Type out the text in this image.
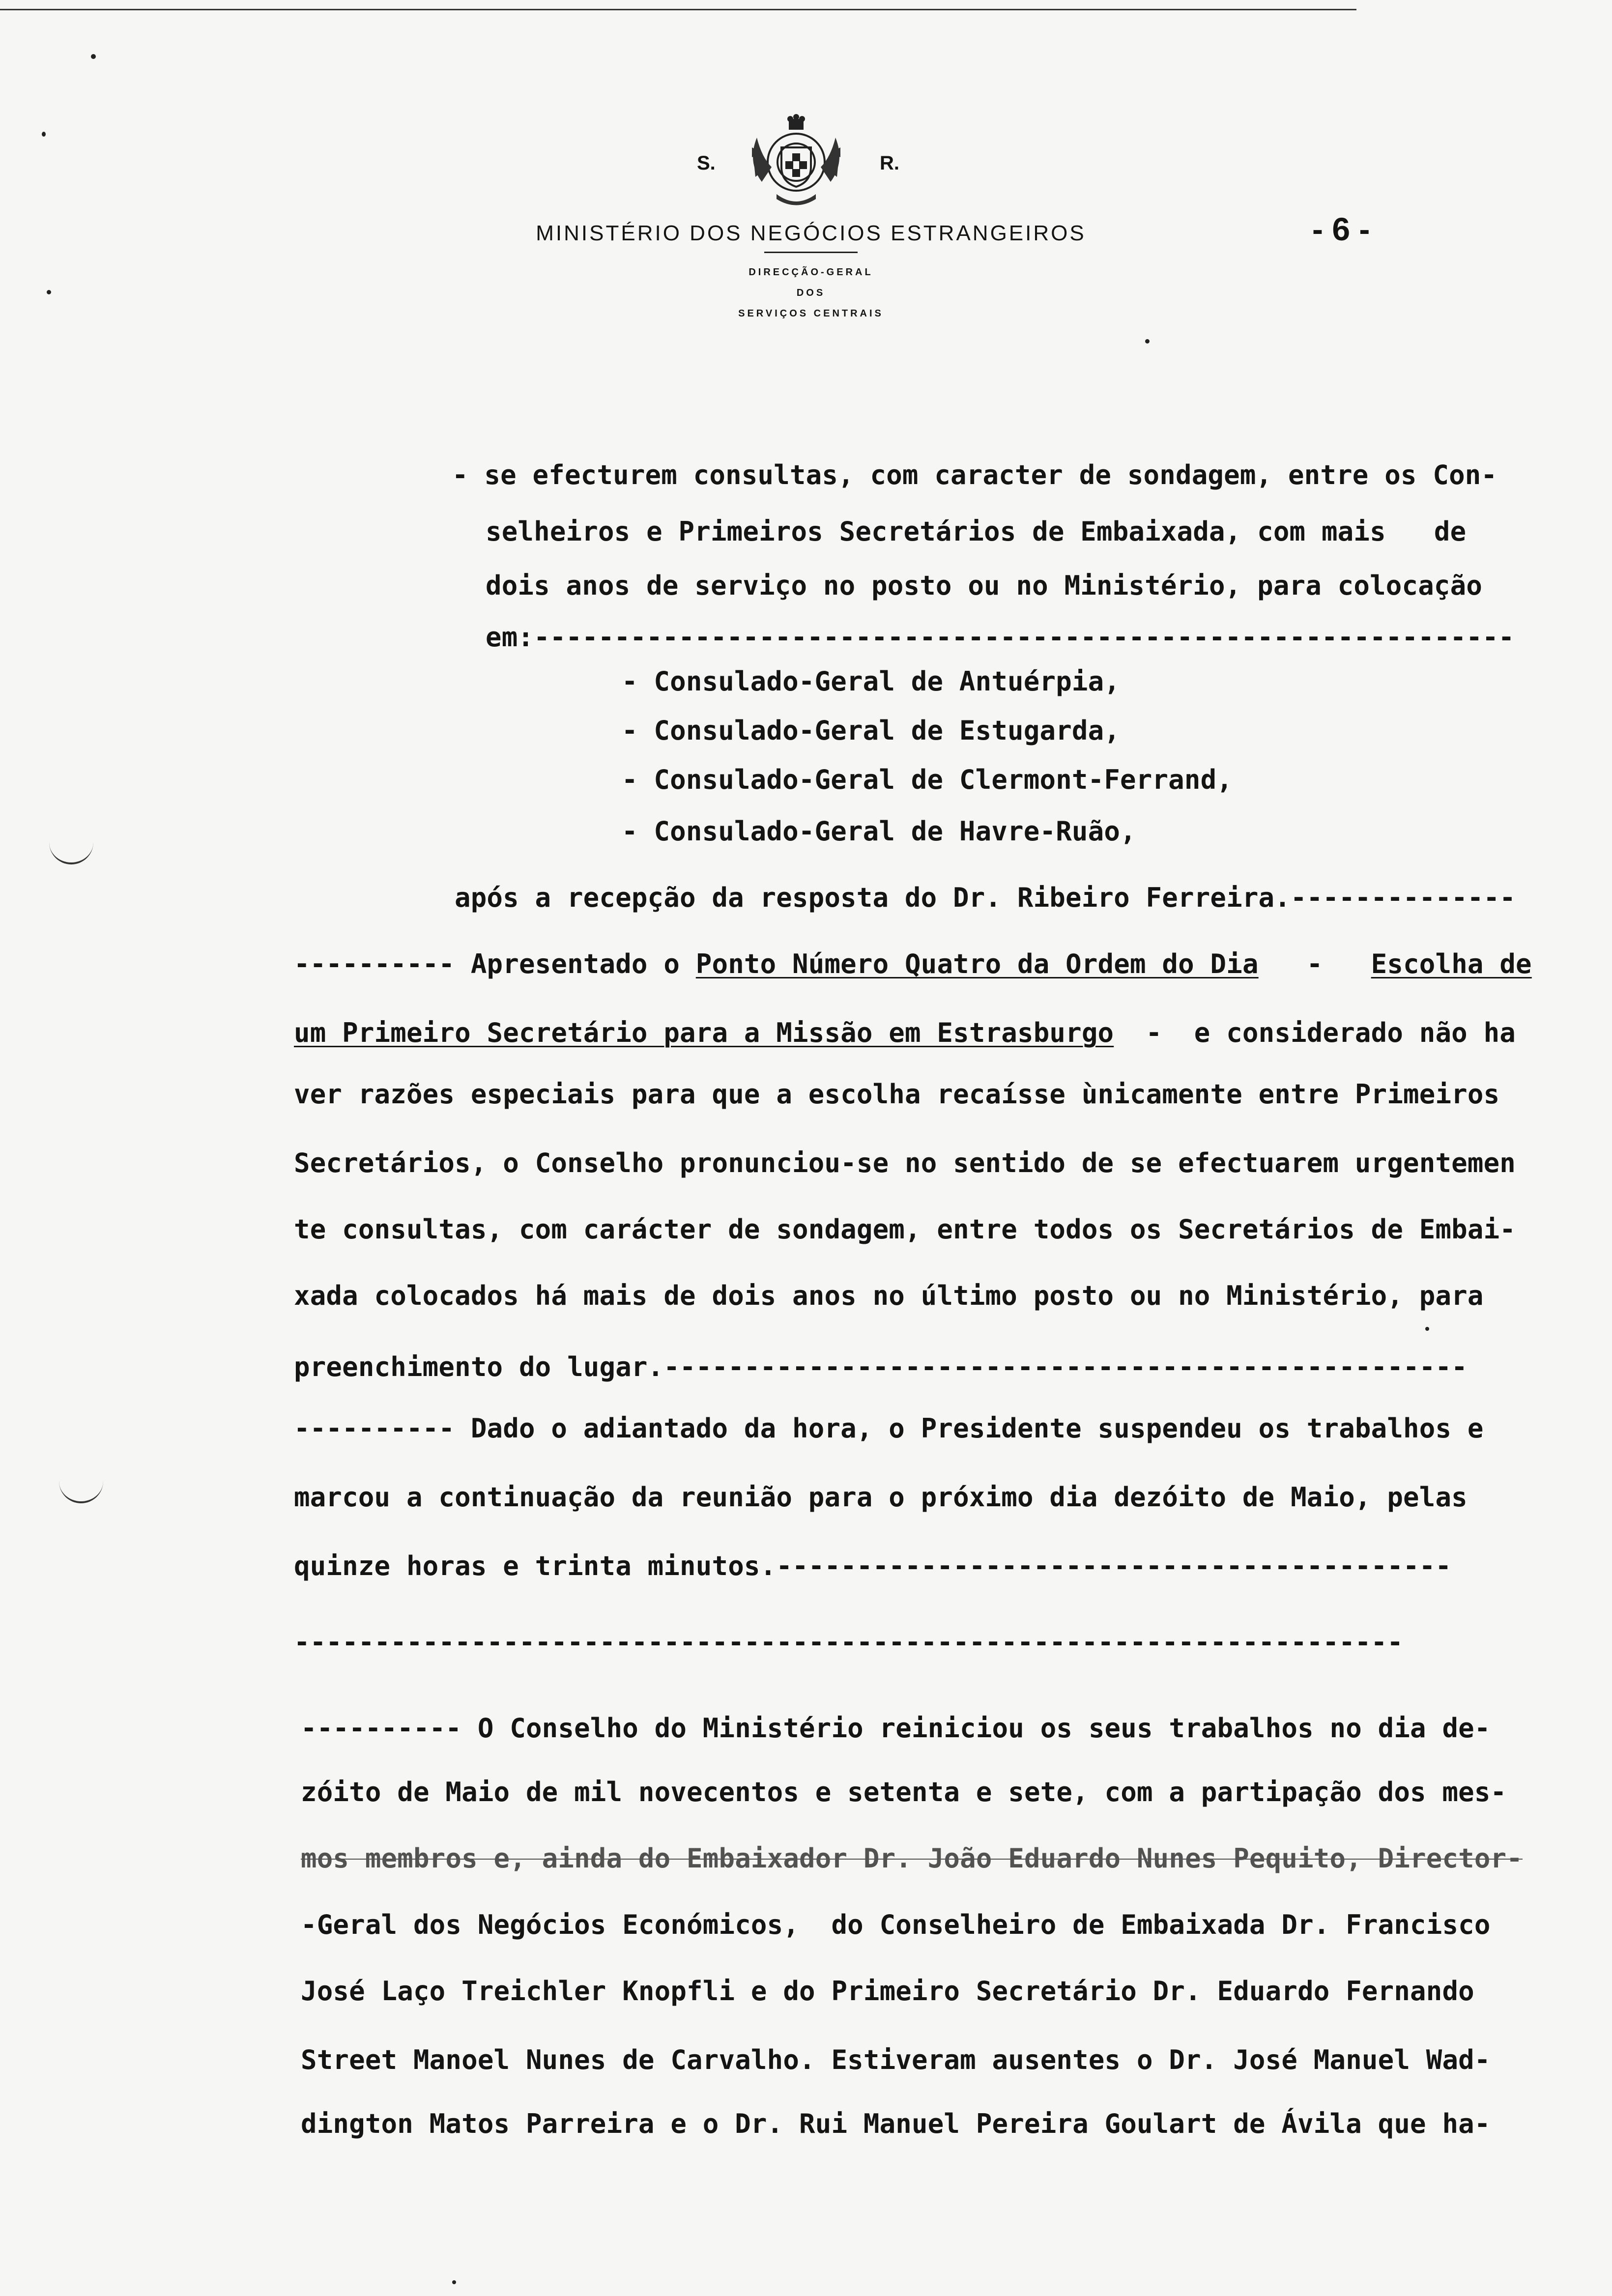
S.	R.
MINISTÉRIO DOS NEGÓCIOS ESTRANGEIROS
DIRECÇÃO-GERAL
DOS
SERVIÇOS CENTRAIS
- 6 -
- se efecturem consultas, com caracter de sondagem, entre os Con-
selheiros e Primeiros Secretários de Embaixada, com mais   de
dois anos de serviço no posto ou no Ministério, para colocação
em:-------------------------------------------------------------
- Consulado-Geral de Antuérpia,
- Consulado-Geral de Estugarda,
- Consulado-Geral de Clermont-Ferrand,
- Consulado-Geral de Havre-Ruão,
após a recepção da resposta do Dr. Ribeiro Ferreira.--------------
---------- Apresentado o Ponto Número Quatro da Ordem do Dia   -   Escolha de
um Primeiro Secretário para a Missão em Estrasburgo  -  e considerado não ha
ver razões especiais para que a escolha recaísse ùnicamente entre Primeiros
Secretários, o Conselho pronunciou-se no sentido de se efectuarem urgentemen
te consultas, com carácter de sondagem, entre todos os Secretários de Embai-
xada colocados há mais de dois anos no último posto ou no Ministério, para
preenchimento do lugar.--------------------------------------------------
---------- Dado o adiantado da hora, o Presidente suspendeu os trabalhos e
marcou a continuação da reunião para o próximo dia dezóito de Maio, pelas
quinze horas e trinta minutos.------------------------------------------
---------------------------------------------------------------------
---------- O Conselho do Ministério reiniciou os seus trabalhos no dia de-
zóito de Maio de mil novecentos e setenta e sete, com a partipação dos mes-
mos membros e, ainda do Embaixador Dr. João Eduardo Nunes Pequito, Director-
-Geral dos Negócios Económicos,  do Conselheiro de Embaixada Dr. Francisco
José Laço Treichler Knopfli e do Primeiro Secretário Dr. Eduardo Fernando
Street Manoel Nunes de Carvalho. Estiveram ausentes o Dr. José Manuel Wad-
dington Matos Parreira e o Dr. Rui Manuel Pereira Goulart de Ávila que ha-
